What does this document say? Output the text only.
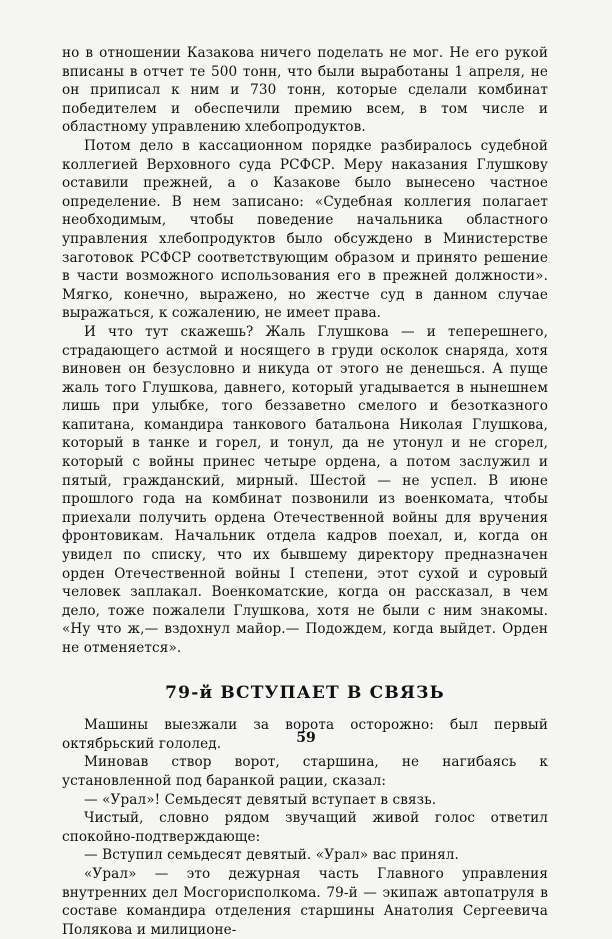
но в отношении Казакова ничего поделать не мог. Не его рукой вписаны в отчет те 500 тонн, что были выработаны 1 апреля, не он приписал к ним и 730 тонн, которые сделали комбинат победителем и обеспечили премию всем, в том числе и областному управлению хлебопродуктов.

Потом дело в кассационном порядке разбиралось судебной коллегией Верховного суда РСФСР. Меру наказания Глушкову оставили прежней, а о Казакове было вынесено частное определение. В нем записано: «Судебная коллегия полагает необходимым, чтобы поведение начальника областного управления хлебопродуктов было обсуждено в Министерстве заготовок РСФСР соответствующим образом и принято решение в части возможного использования его в прежней должности». Мягко, конечно, выражено, но жестче суд в данном случае выражаться, к сожалению, не имеет права.

И что тут скажешь? Жаль Глушкова — и теперешнего, страдающего астмой и носящего в груди осколок снаряда, хотя виновен он безусловно и никуда от этого не денешься. А пуще жаль того Глушкова, давнего, который угадывается в нынешнем лишь при улыбке, того беззаветно смелого и безотказного капитана, командира танкового батальона Николая Глушкова, который в танке и горел, и тонул, да не утонул и не сгорел, который с войны принес четыре ордена, а потом заслужил и пятый, гражданский, мирный. Шестой — не успел. В июне прошлого года на комбинат позвонили из военкомата, чтобы приехали получить ордена Отечественной войны для вручения фронтовикам. Начальник отдела кадров поехал, и, когда он увидел по списку, что их бывшему директору предназначен орден Отечественной войны I степени, этот сухой и суровый человек заплакал. Военкоматские, когда он рассказал, в чем дело, тоже пожалели Глушкова, хотя не были с ним знакомы. «Ну что ж,— вздохнул майор.— Подождем, когда выйдет. Орден не отменяется».

79-й ВСТУПАЕТ В СВЯЗЬ

Машины выезжали за ворота осторожно: был первый октябрьский гололед.

Миновав створ ворот, старшина, не нагибаясь к установленной под баранкой рации, сказал:

— «Урал»! Семьдесят девятый вступает в связь.

Чистый, словно рядом звучащий живой голос ответил спокойно-подтверждающе:

— Вступил семьдесят девятый. «Урал» вас принял.

«Урал» — это дежурная часть Главного управления внутренних дел Мосгорисполкома. 79-й — экипаж автопатруля в составе командира отделения старшины Анатолия Сергеевича Полякова и милиционе-

59
